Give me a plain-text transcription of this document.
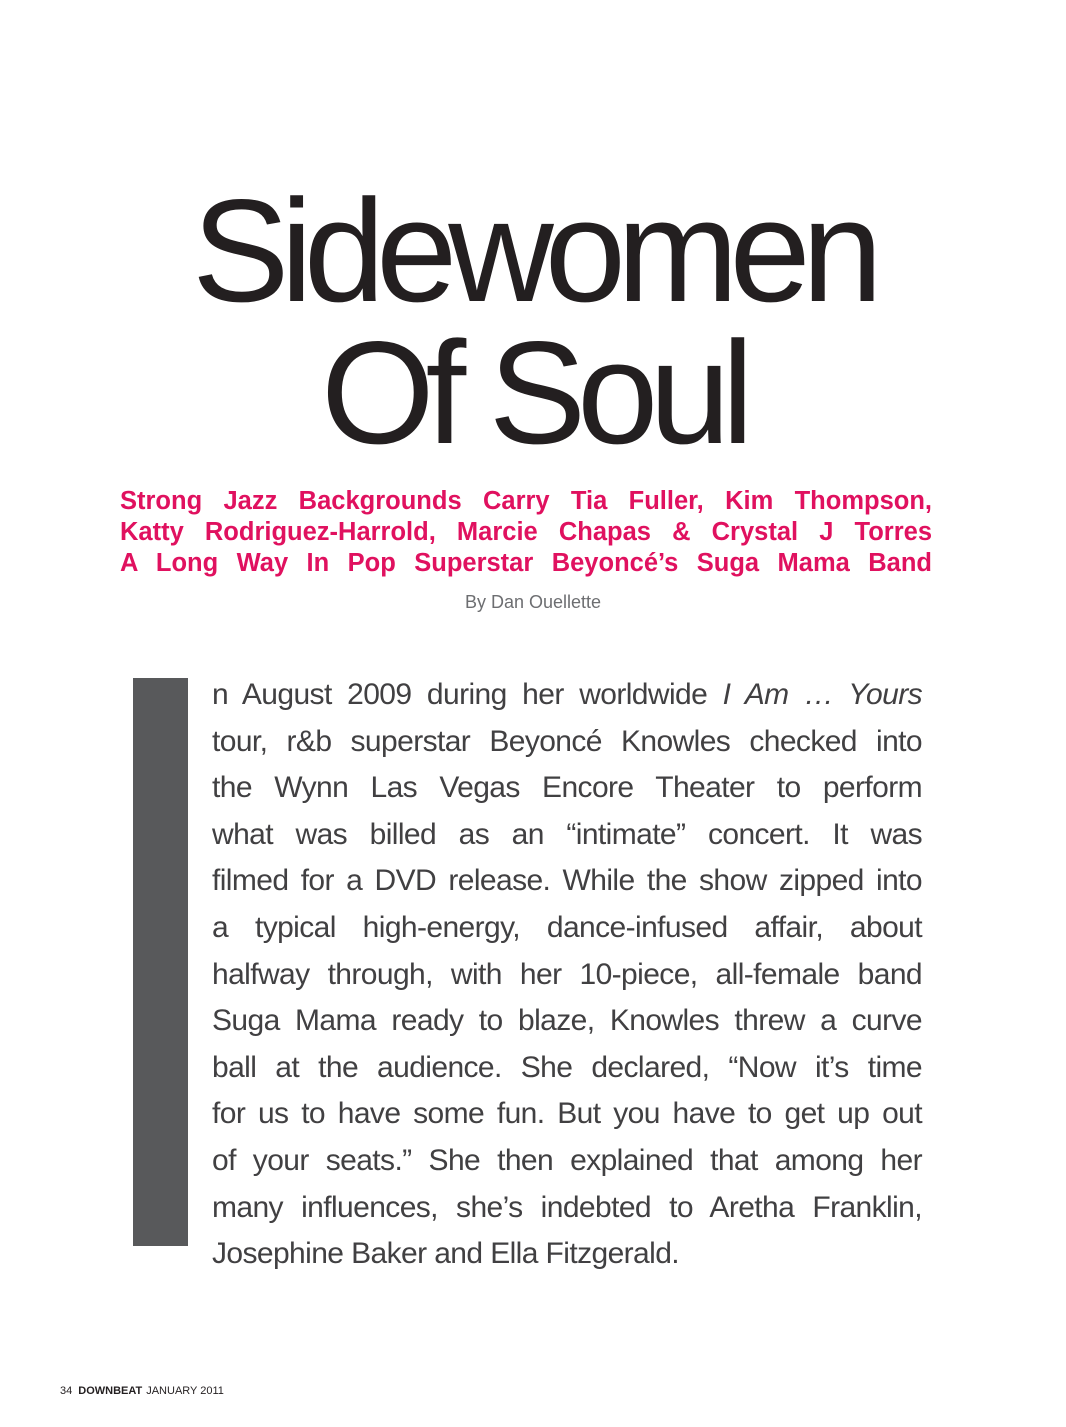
Sidewomen
Of Soul
Strong Jazz Backgrounds Carry Tia Fuller, Kim Thompson,
Katty Rodriguez-Harrold, Marcie Chapas & Crystal J Torres
A Long Way In Pop Superstar Beyoncé’s Suga Mama Band

By Dan Ouellette

n August 2009 during her worldwide I Am … Yours
tour, r&b superstar Beyoncé Knowles checked into
the Wynn Las Vegas Encore Theater to perform
what was billed as an “intimate” concert. It was
filmed for a DVD release. While the show zipped into
a typical high-energy, dance-infused affair, about
halfway through, with her 10-piece, all-female band
Suga Mama ready to blaze, Knowles threw a curve
ball at the audience. She declared, “Now it’s time
for us to have some fun. But you have to get up out
of your seats.” She then explained that among her
many influences, she’s indebted to Aretha Franklin,
Josephine Baker and Ella Fitzgerald.
34 DOWNBEAT JANUARY 2011
